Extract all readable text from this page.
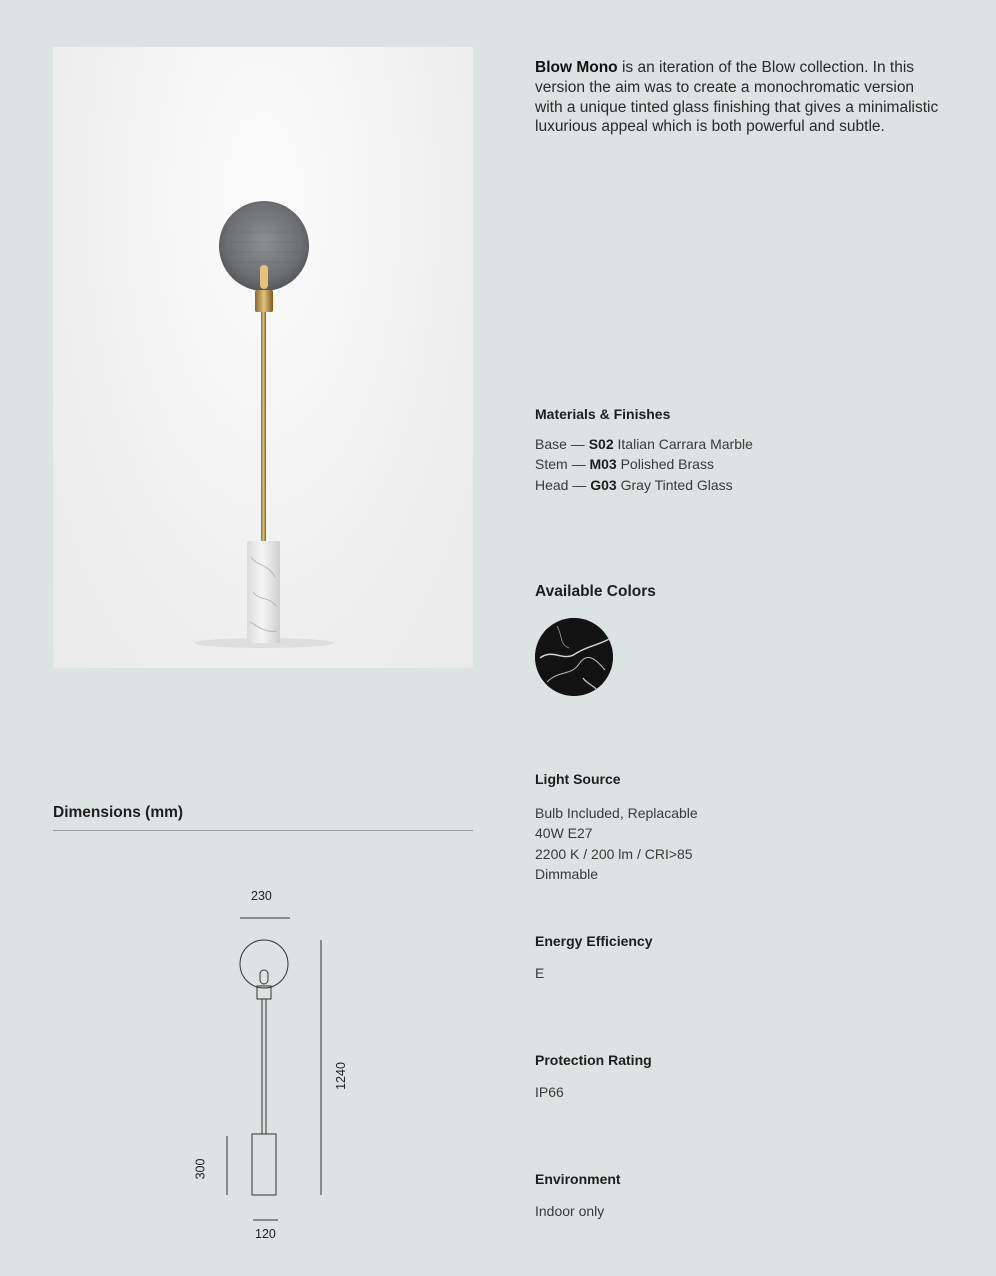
Blow Mono is an iteration of the Blow collection. In this version the aim was to create a monochromatic version with a unique tinted glass finishing that gives a minimalistic luxurious appeal which is both powerful and subtle.
Materials & Finishes
Base — S02 Italian Carrara Marble
Stem — M03 Polished Brass
Head — G03 Gray Tinted Glass
Available Colors
Light Source
Bulb Included, Replacable
40W E27
2200 K / 200 lm / CRI>85
Dimmable
Energy Efficiency
E
Protection Rating
IP66
Environment
Indoor only
Dimensions (mm)
230
1240
300
120
